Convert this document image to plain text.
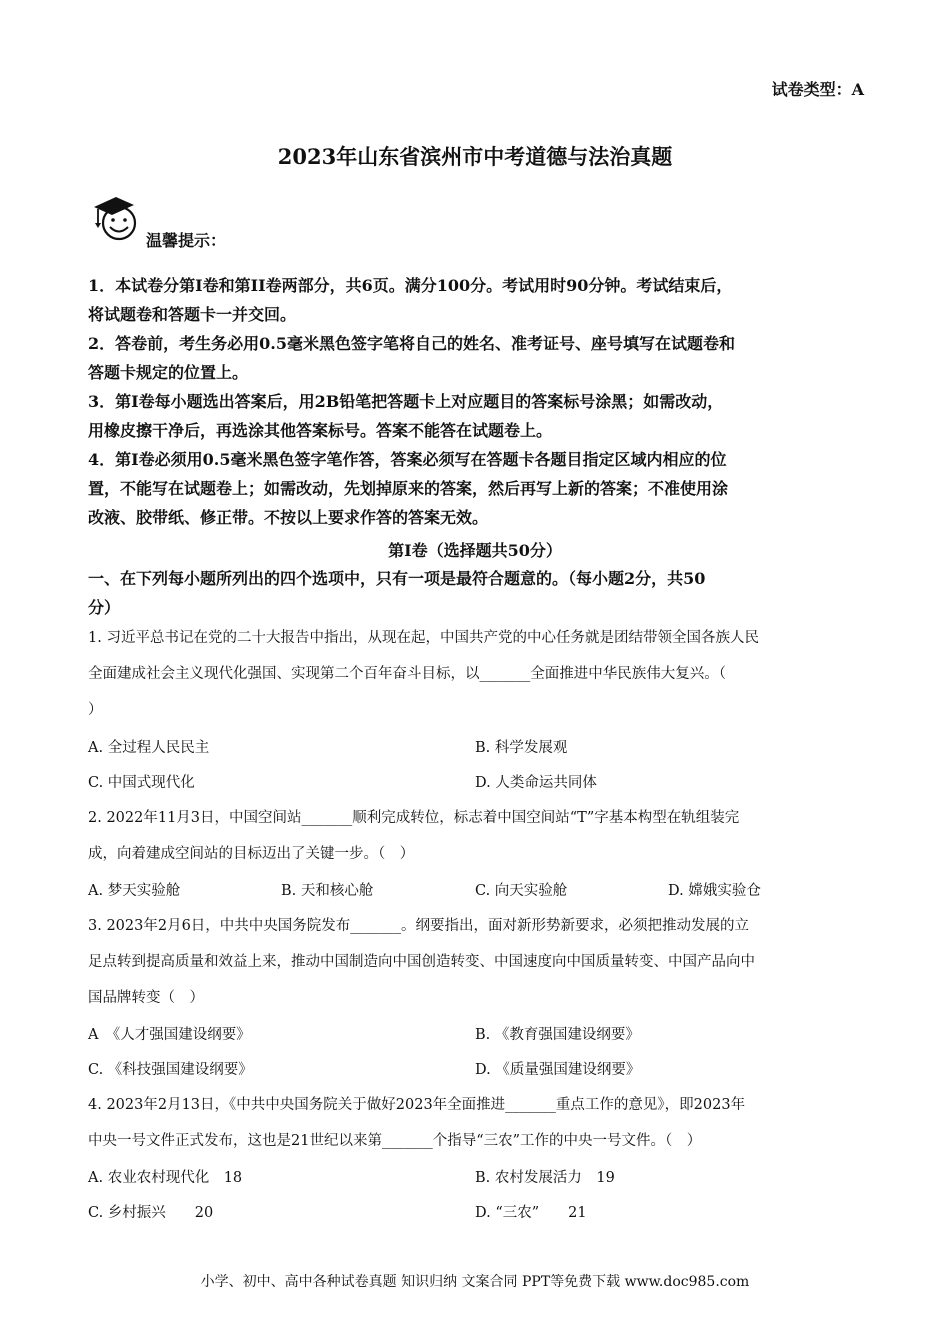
试卷类型：A
2023年山东省滨州市中考道德与法治真题
温馨提示：
1．本试卷分第I卷和第II卷两部分，共6页。满分100分。考试用时90分钟。考试结束后，
将试题卷和答题卡一并交回。
2．答卷前，考生务必用0.5毫米黑色签字笔将自己的姓名、准考证号、座号填写在试题卷和
答题卡规定的位置上。
3．第Ⅰ卷每小题选出答案后，用2B铅笔把答题卡上对应题目的答案标号涂黑；如需改动，
用橡皮擦干净后，再选涂其他答案标号。答案不能答在试题卷上。
4．第I卷必须用0.5毫米黑色签字笔作答，答案必须写在答题卡各题目指定区域内相应的位
置，不能写在试题卷上；如需改动，先划掉原来的答案，然后再写上新的答案；不准使用涂
改液、胶带纸、修正带。不按以上要求作答的答案无效。
第Ⅰ卷（选择题共50分）
一、在下列每小题所列出的四个选项中，只有一项是最符合题意的。（每小题2分，共50
分）
1. 习近平总书记在党的二十大报告中指出，从现在起，中国共产党的中心任务就是团结带领全国各族人民
全面建成社会主义现代化强国、实现第二个百年奋斗目标，以_______全面推进中华民族伟大复兴。（
）
A. 全过程人民民主	B. 科学发展观
C. 中国式现代化	D. 人类命运共同体
2. 2022年11月3日，中国空间站_______顺利完成转位，标志着中国空间站“T”字基本构型在轨组装完
成，向着建成空间站的目标迈出了关键一步。（　）
A. 梦天实验舱	B. 天和核心舱	C. 向天实验舱	D. 嫦娥实验仓
3. 2023年2月6日，中共中央国务院发布_______。纲要指出，面对新形势新要求，必须把推动发展的立
足点转到提高质量和效益上来，推动中国制造向中国创造转变、中国速度向中国质量转变、中国产品向中
国品牌转变（　）
A　《人才强国建设纲要》	B. 《教育强国建设纲要》
C. 《科技强国建设纲要》	D. 《质量强国建设纲要》
4. 2023年2月13日，《中共中央国务院关于做好2023年全面推进_______重点工作的意见》，即2023年
中央一号文件正式发布，这也是21世纪以来第_______个指导“三农”工作的中央一号文件。（　）
A. 农业农村现代化　18	B. 农村发展活力　19
C. 乡村振兴　　20	D. “三农”　　21
小学、初中、高中各种试卷真题 知识归纳 文案合同 PPT等免费下载 www.doc985.com
